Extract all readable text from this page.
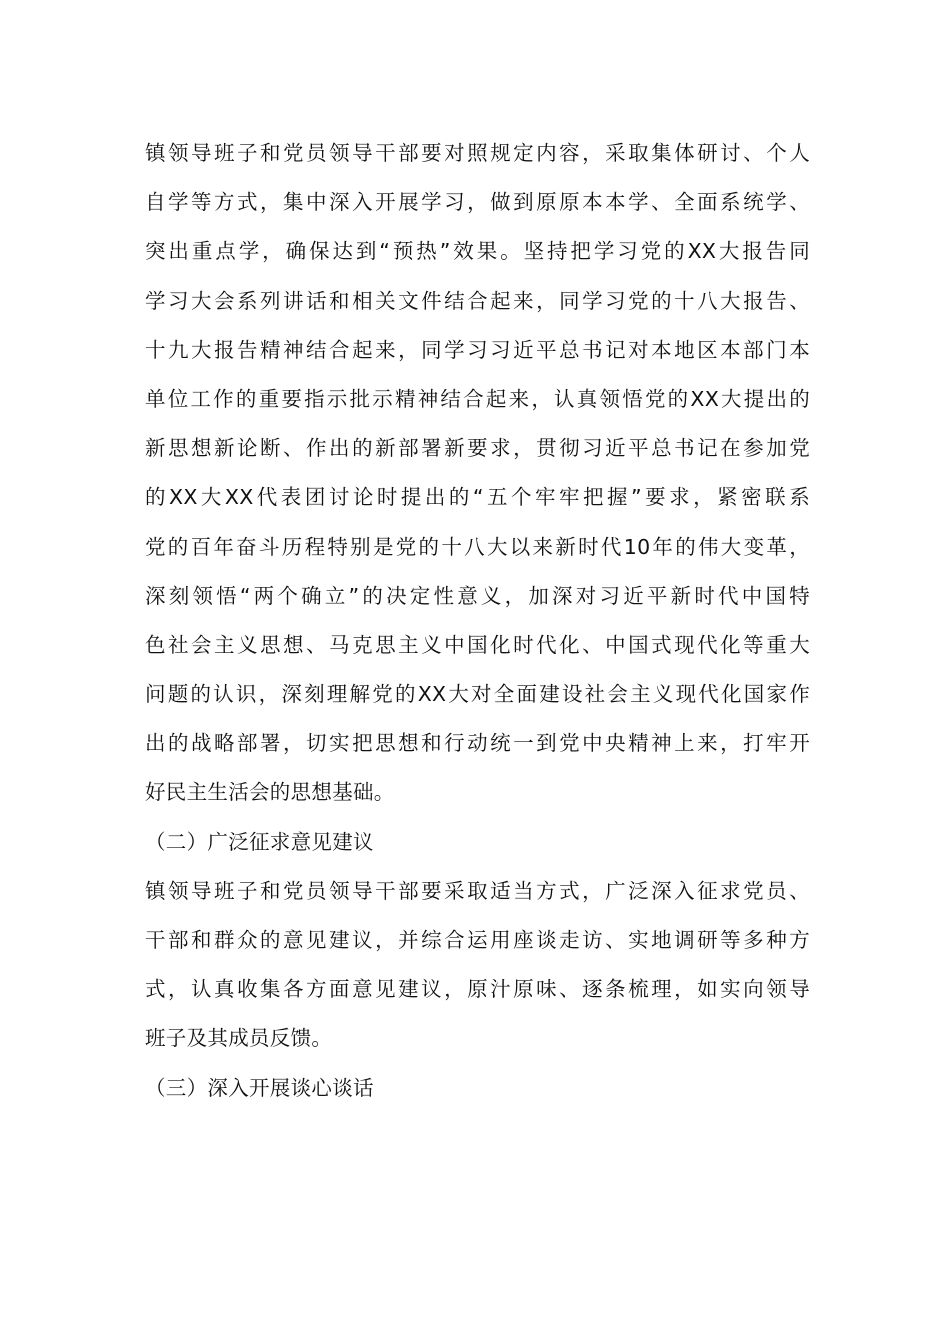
镇领导班子和党员领导干部要对照规定内容，采取集体研讨、个人
自学等方式，集中深入开展学习，做到原原本本学、全面系统学、
突出重点学，确保达到“预热”效果。坚持把学习党的XX大报告同
学习大会系列讲话和相关文件结合起来，同学习党的十八大报告、
十九大报告精神结合起来，同学习习近平总书记对本地区本部门本
单位工作的重要指示批示精神结合起来，认真领悟党的XX大提出的
新思想新论断、作出的新部署新要求，贯彻习近平总书记在参加党
的XX大XX代表团讨论时提出的“五个牢牢把握”要求，紧密联系
党的百年奋斗历程特别是党的十八大以来新时代10年的伟大变革，
深刻领悟“两个确立”的决定性意义，加深对习近平新时代中国特
色社会主义思想、马克思主义中国化时代化、中国式现代化等重大
问题的认识，深刻理解党的XX大对全面建设社会主义现代化国家作
出的战略部署，切实把思想和行动统一到党中央精神上来，打牢开
好民主生活会的思想基础。
（二）广泛征求意见建议
镇领导班子和党员领导干部要采取适当方式，广泛深入征求党员、
干部和群众的意见建议，并综合运用座谈走访、实地调研等多种方
式，认真收集各方面意见建议，原汁原味、逐条梳理，如实向领导
班子及其成员反馈。
（三）深入开展谈心谈话
